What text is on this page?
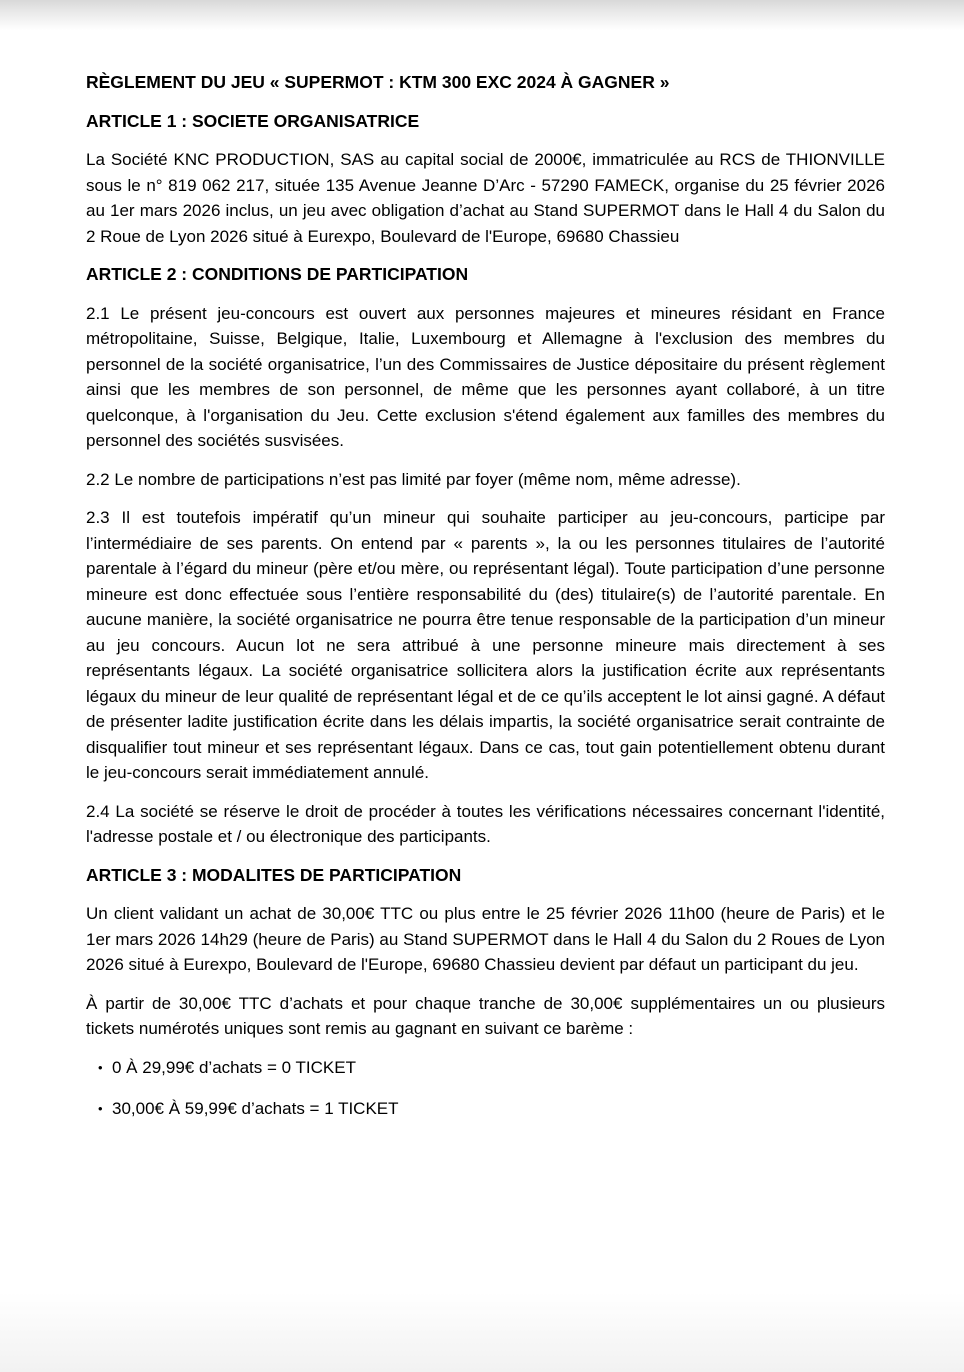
RÈGLEMENT DU JEU « SUPERMOT : KTM 300 EXC 2024 À GAGNER »
ARTICLE 1 : SOCIETE ORGANISATRICE

La Société KNC PRODUCTION, SAS au capital social de 2000€, immatriculée au RCS de THIONVILLE sous le n° 819 062 217, située 135 Avenue Jeanne D’Arc - 57290 FAMECK, organise du 25 février 2026 au 1er mars 2026 inclus, un jeu avec obligation d’achat au Stand SUPERMOT dans le Hall 4 du Salon du 2 Roue de Lyon 2026 situé à Eurexpo, Boulevard de l'Europe, 69680 Chassieu

ARTICLE 2 : CONDITIONS DE PARTICIPATION

2.1 Le présent jeu-concours est ouvert aux personnes majeures et mineures résidant en France métropolitaine, Suisse, Belgique, Italie, Luxembourg et Allemagne à l'exclusion des membres du personnel de la société organisatrice, l’un des Commissaires de Justice dépositaire du présent règlement ainsi que les membres de son personnel, de même que les personnes ayant collaboré, à un titre quelconque, à l'organisation du Jeu. Cette exclusion s'étend également aux familles des membres du personnel des sociétés susvisées.

2.2 Le nombre de participations n’est pas limité par foyer (même nom, même adresse).

2.3 Il est toutefois impératif qu’un mineur qui souhaite participer au jeu-concours, participe par l’intermédiaire de ses parents. On entend par « parents », la ou les personnes titulaires de l’autorité parentale à l’égard du mineur (père et/ou mère, ou représentant légal). Toute participation d’une personne mineure est donc effectuée sous l’entière responsabilité du (des) titulaire(s) de l’autorité parentale. En aucune manière, la société organisatrice ne pourra être tenue responsable de la participation d’un mineur au jeu concours. Aucun lot ne sera attribué à une personne mineure mais directement à ses représentants légaux. La société organisatrice sollicitera alors la justification écrite aux représentants légaux du mineur de leur qualité de représentant légal et de ce qu’ils acceptent le lot ainsi gagné. A défaut de présenter ladite justification écrite dans les délais impartis, la société organisatrice serait contrainte de disqualifier tout mineur et ses représentant légaux. Dans ce cas, tout gain potentiellement obtenu durant le jeu-concours serait immédiatement annulé.

2.4 La société se réserve le droit de procéder à toutes les vérifications nécessaires concernant l'identité, l'adresse postale et / ou électronique des participants.

ARTICLE 3 : MODALITES DE PARTICIPATION

Un client validant un achat de 30,00€ TTC ou plus entre le 25 février 2026 11h00 (heure de Paris) et le 1er mars 2026 14h29 (heure de Paris) au Stand SUPERMOT dans le Hall 4 du Salon du 2 Roues de Lyon 2026 situé à Eurexpo, Boulevard de l'Europe, 69680 Chassieu devient par défaut un participant du jeu.

À partir de 30,00€ TTC d’achats et pour chaque tranche de 30,00€ supplémentaires un ou plusieurs tickets numérotés uniques sont remis au gagnant en suivant ce barème :

• 0 À 29,99€ d’achats = 0 TICKET
• 30,00€ À 59,99€ d’achats = 1 TICKET
